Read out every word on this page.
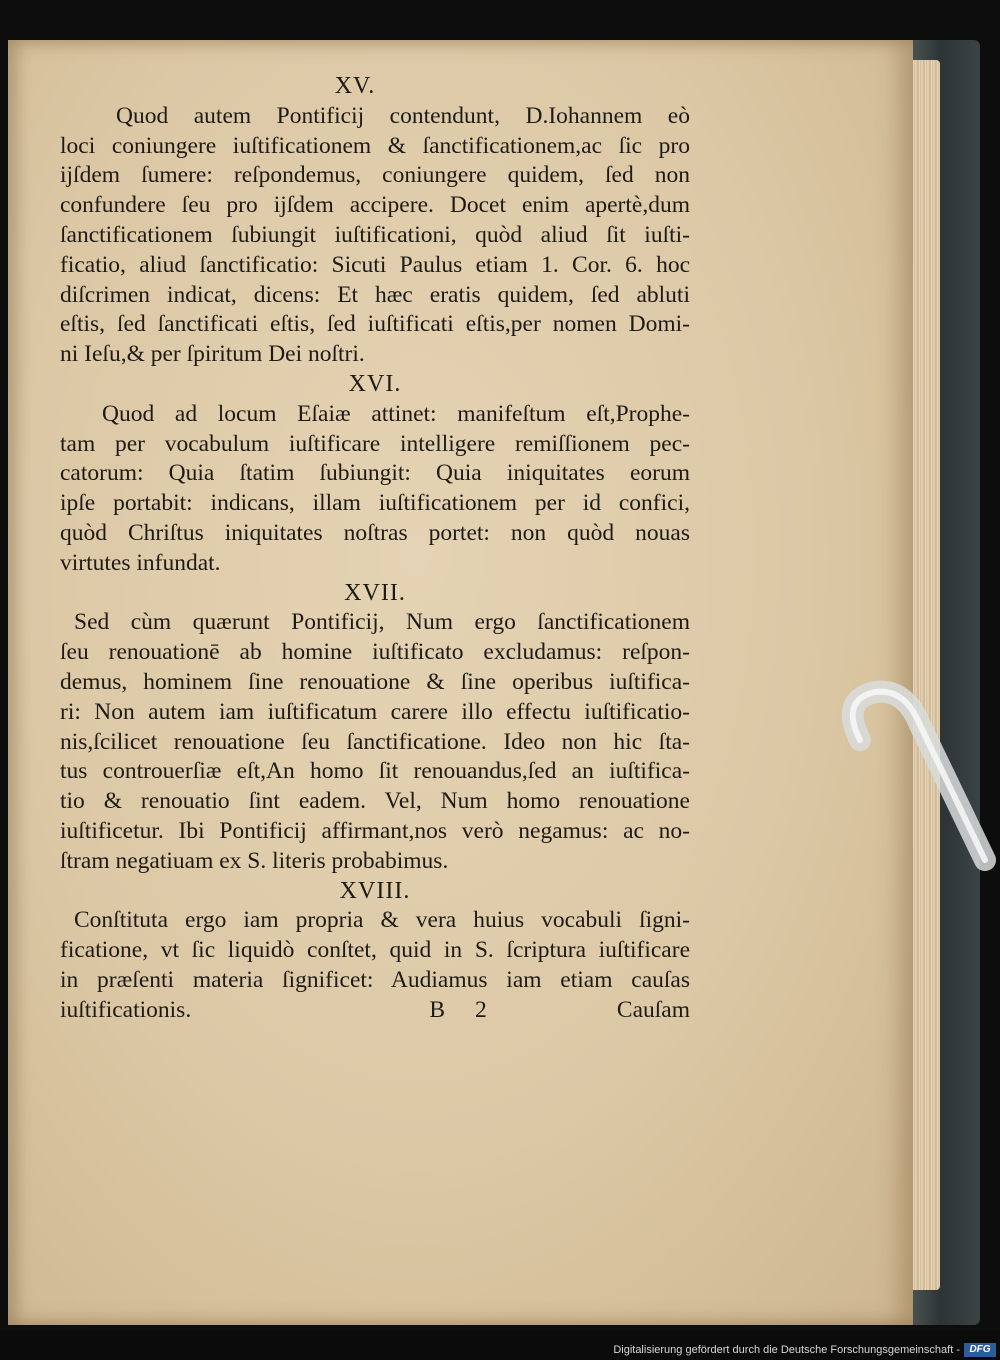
XV.
Quod autem Pontificij contendunt, D.Iohannem eò
loci coniungere iuſtificationem & ſanctificationem,ac ſic pro
ijſdem ſumere: reſpondemus, coniungere quidem, ſed non
confundere ſeu pro ijſdem accipere. Docet enim apertè,dum
ſanctificationem ſubiungit iuſtificationi, quòd aliud ſit iuſti-
ficatio, aliud ſanctificatio: Sicuti Paulus etiam 1. Cor. 6. hoc
diſcrimen indicat, dicens: Et hæc eratis quidem, ſed abluti
eſtis, ſed ſanctificati eſtis, ſed iuſtificati eſtis,per nomen Domi-
ni Ieſu,& per ſpiritum Dei noſtri.
XVI.
Quod ad locum Eſaiæ attinet: manifeſtum eſt,Prophe-
tam per vocabulum iuſtificare intelligere remiſſionem pec-
catorum: Quia ſtatim ſubiungit: Quia iniquitates eorum
ipſe portabit: indicans, illam iuſtificationem per id confici,
quòd Chriſtus iniquitates noſtras portet: non quòd nouas
virtutes infundat.
XVII.
Sed cùm quærunt Pontificij, Num ergo ſanctificationem
ſeu renouationē ab homine iuſtificato excludamus: reſpon-
demus, hominem ſine renouatione & ſine operibus iuſtifica-
ri: Non autem iam iuſtificatum carere illo effectu iuſtificatio-
nis,ſcilicet renouatione ſeu ſanctificatione. Ideo non hic ſta-
tus controuerſiæ eſt,An homo ſit renouandus,ſed an iuſtifica-
tio & renouatio ſint eadem. Vel, Num homo renouatione
iuſtificetur. Ibi Pontificij affirmant,nos verò negamus: ac no-
ſtram negatiuam ex S. literis probabimus.
XVIII.
Conſtituta ergo iam propria & vera huius vocabuli ſigni-
ficatione, vt ſic liquidò conſtet, quid in S. ſcriptura iuſtificare
in præſenti materia ſignificet: Audiamus iam etiam cauſas
iuſtificationis.	B 2	Cauſam
Digitalisierung gefördert durch die Deutsche Forschungsgemeinschaft - DFG
